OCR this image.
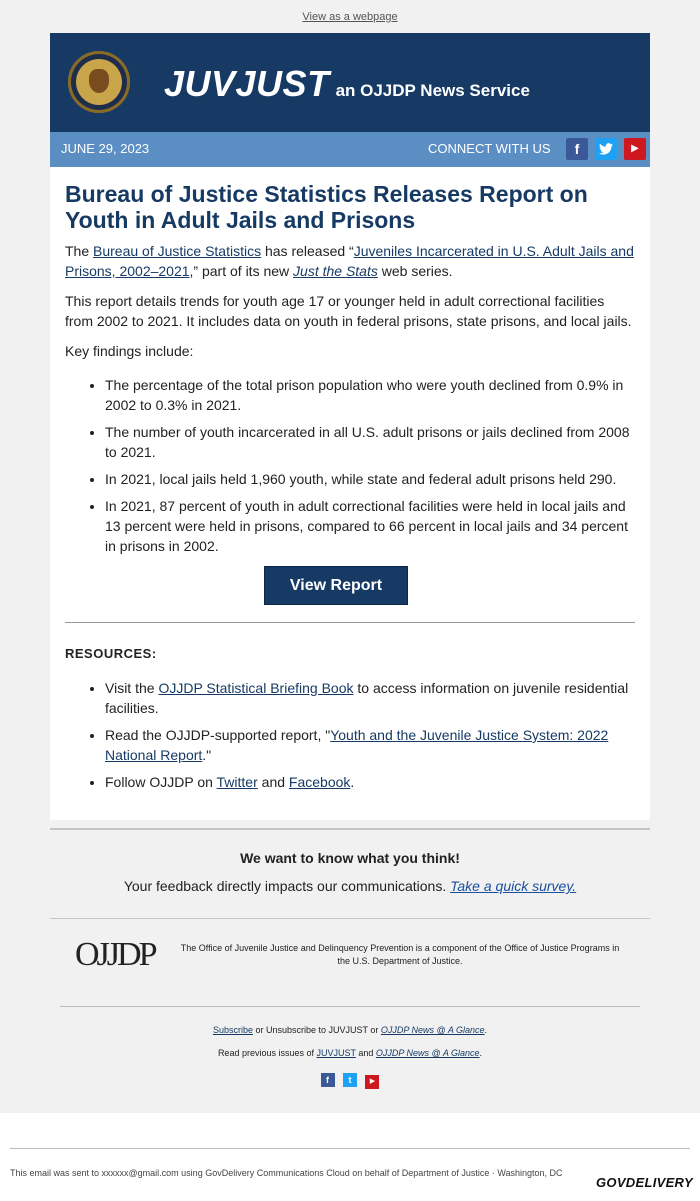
View as a webpage
JUVJUST an OJJDP News Service
JUNE 29, 2023	CONNECT WITH US	f	▶
Bureau of Justice Statistics Releases Report on Youth in Adult Jails and Prisons

The Bureau of Justice Statistics has released “Juveniles Incarcerated in U.S. Adult Jails and Prisons, 2002–2021,” part of its new Just the Stats web series.

This report details trends for youth age 17 or younger held in adult correctional facilities from 2002 to 2021. It includes data on youth in federal prisons, state prisons, and local jails.

Key findings include:

• The percentage of the total prison population who were youth declined from 0.9% in 2002 to 0.3% in 2021.
• The number of youth incarcerated in all U.S. adult prisons or jails declined from 2008 to 2021.
• In 2021, local jails held 1,960 youth, while state and federal adult prisons held 290.
• In 2021, 87 percent of youth in adult correctional facilities were held in local jails and 13 percent were held in prisons, compared to 66 percent in local jails and 34 percent in prisons in 2002.
View Report

RESOURCES:

• Visit the OJJDP Statistical Briefing Book to access information on juvenile residential facilities.
• Read the OJJDP-supported report, "Youth and the Juvenile Justice System: 2022 National Report."
• Follow OJJDP on Twitter and Facebook.
We want to know what you think!
Your feedback directly impacts our communications. Take a quick survey.
OJJDP	The Office of Juvenile Justice and Delinquency Prevention is a component of the Office of Justice Programs in the U.S. Department of Justice.
Subscribe or Unsubscribe to JUVJUST or OJJDP News @ A Glance.
Read previous issues of JUVJUST and OJJDP News @ A Glance.
f t	▶
This email was sent to xxxxxx@gmail.com using GovDelivery Communications Cloud on behalf of Department of Justice · Washington, DC
GOVDELIVERY
